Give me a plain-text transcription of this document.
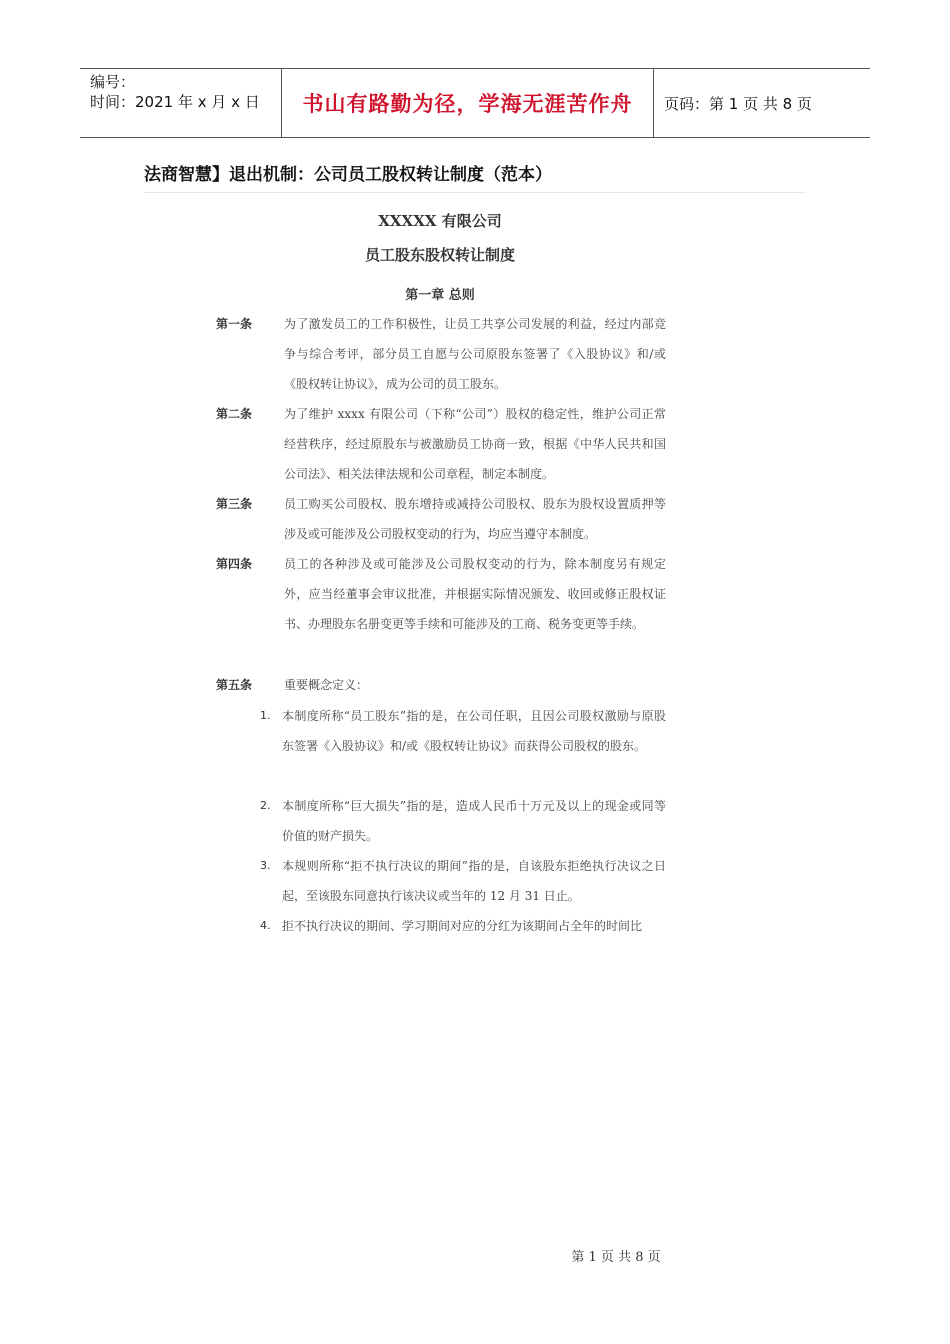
编号：
时间：2021 年 x 月 x 日	书山有路勤为径，学海无涯苦作舟	页码：第 1 页 共 8 页
法商智慧】退出机制：公司员工股权转让制度（范本）
XXXXX 有限公司
员工股东股权转让制度
第一章 总则
第一条	为了激发员工的工作积极性，让员工共享公司发展的利益，经过内部竞争与综合考评，部分员工自愿与公司原股东签署了《入股协议》和/或《股权转让协议》，成为公司的员工股东。
第二条	为了维护 xxxx 有限公司（下称“公司”）股权的稳定性，维护公司正常经营秩序，经过原股东与被激励员工协商一致，根据《中华人民共和国公司法》、相关法律法规和公司章程，制定本制度。
第三条	员工购买公司股权、股东增持或减持公司股权、股东为股权设置质押等涉及或可能涉及公司股权变动的行为，均应当遵守本制度。
第四条	员工的各种涉及或可能涉及公司股权变动的行为，除本制度另有规定外，应当经董事会审议批准，并根据实际情况颁发、收回或修正股权证书、办理股东名册变更等手续和可能涉及的工商、税务变更等手续。
第五条	重要概念定义：
1. 本制度所称“员工股东”指的是，在公司任职，且因公司股权激励与原股东签署《入股协议》和/或《股权转让协议》而获得公司股权的股东。
2. 本制度所称“巨大损失”指的是，造成人民币十万元及以上的现金或同等价值的财产损失。
3. 本规则所称“拒不执行决议的期间”指的是，自该股东拒绝执行决议之日起，至该股东同意执行该决议或当年的 12 月 31 日止。
4. 拒不执行决议的期间、学习期间对应的分红为该期间占全年的时间比
第 1 页 共 8 页
